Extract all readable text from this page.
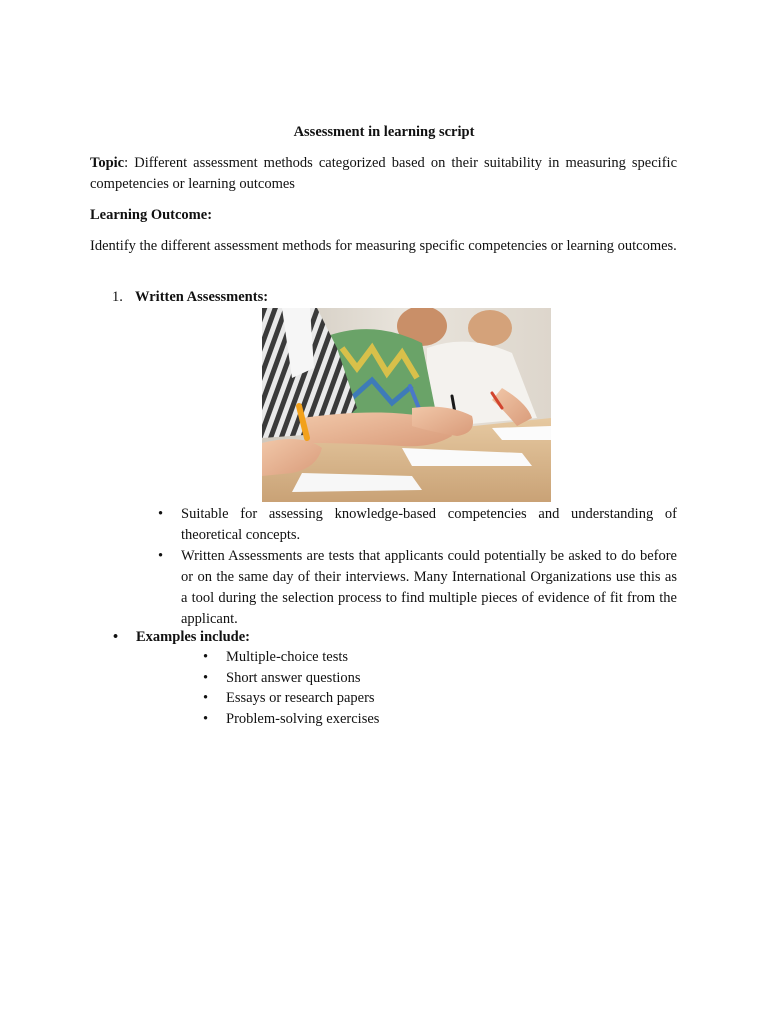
Assessment in learning script
Topic: Different assessment methods categorized based on their suitability in measuring specific competencies or learning outcomes
Learning Outcome:
Identify the different assessment methods for measuring specific competencies or learning outcomes.
1. Written Assessments:
• Suitable for assessing knowledge-based competencies and understanding of theoretical concepts.
• Written Assessments are tests that applicants could potentially be asked to do before or on the same day of their interviews. Many International Organizations use this as a tool during the selection process to find multiple pieces of evidence of fit from the applicant.
• Examples include:
• Multiple-choice tests
• Short answer questions
• Essays or research papers
• Problem-solving exercises
